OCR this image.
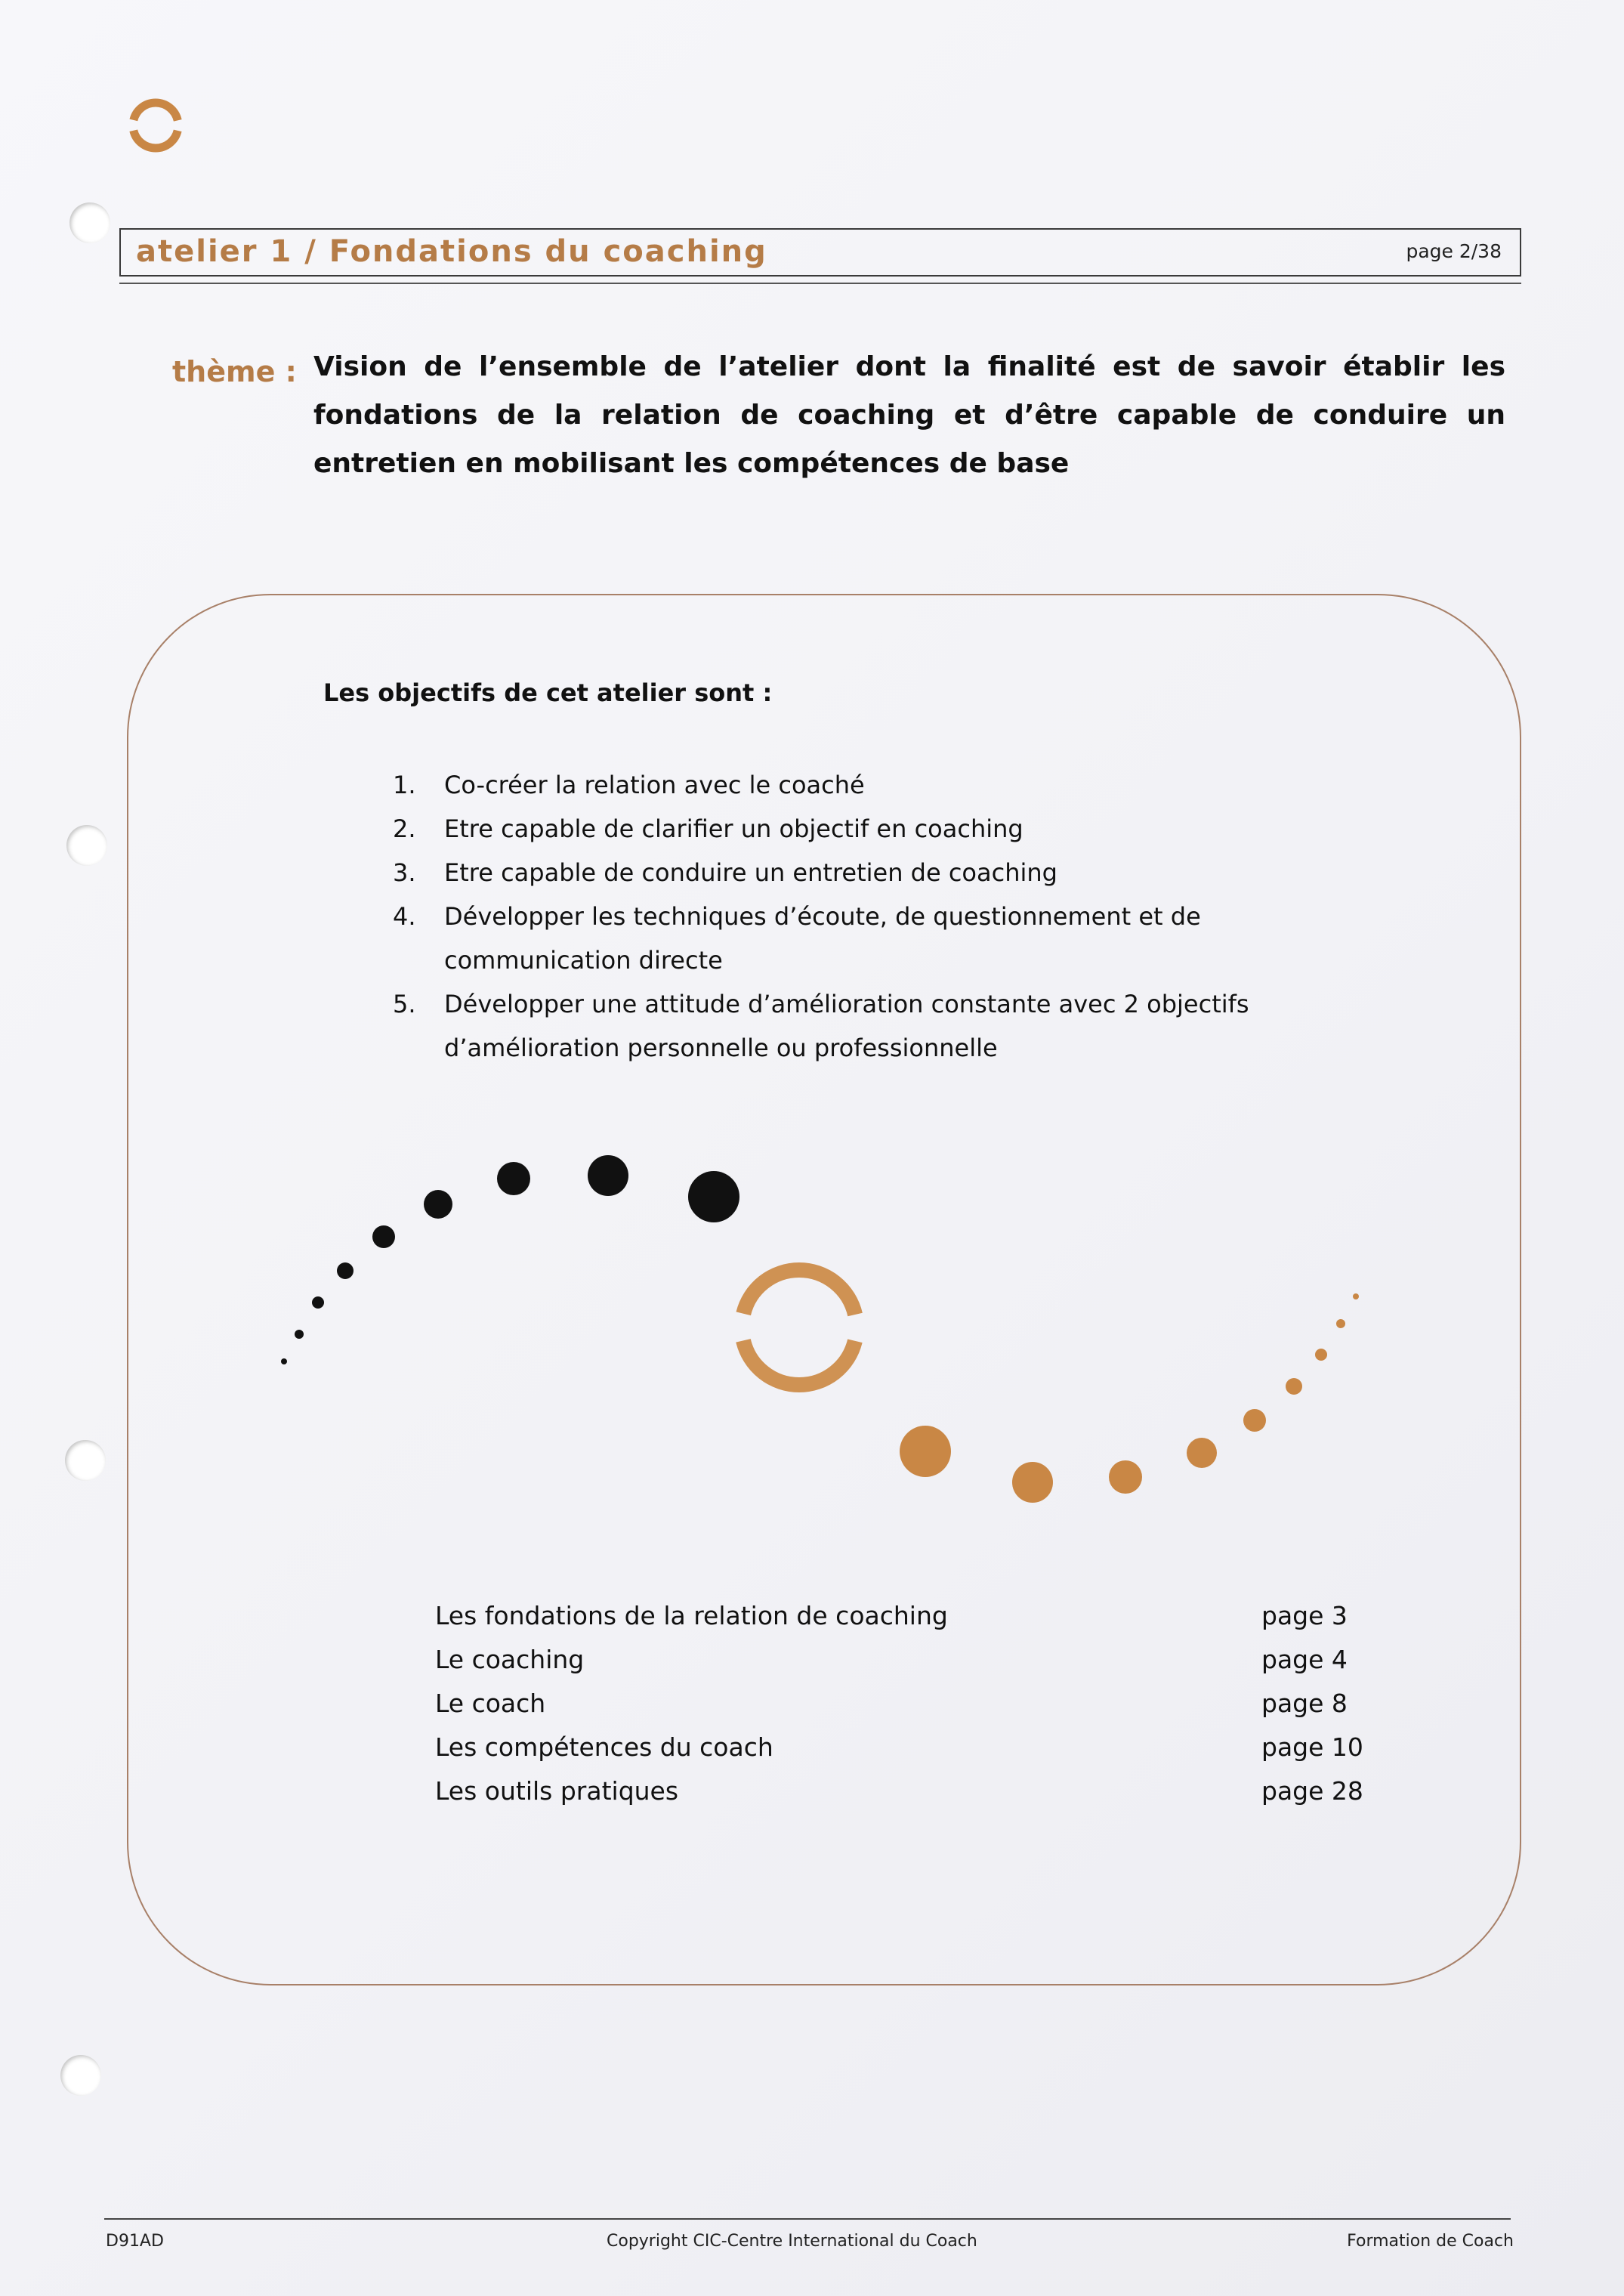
atelier 1 / Fondations du coaching	page 2/38
thème : Vision de l’ensemble de l’atelier dont la finalité est de savoir établir les fondations de la relation de coaching et d’être capable de conduire un entretien en mobilisant les compétences de base
Les objectifs de cet atelier sont :
1. Co-créer la relation avec le coaché
2. Etre capable de clarifier un objectif en coaching
3. Etre capable de conduire un entretien de coaching
4. Développer les techniques d’écoute, de questionnement et de communication directe
5. Développer une attitude d’amélioration constante avec 2 objectifs d’amélioration personnelle ou professionnelle
Les fondations de la relation de coaching	page 3
Le coaching	page 4
Le coach	page 8
Les compétences du coach	page 10
Les outils pratiques	page 28
D91AD	Copyright CIC-Centre International du Coach	Formation de Coach
